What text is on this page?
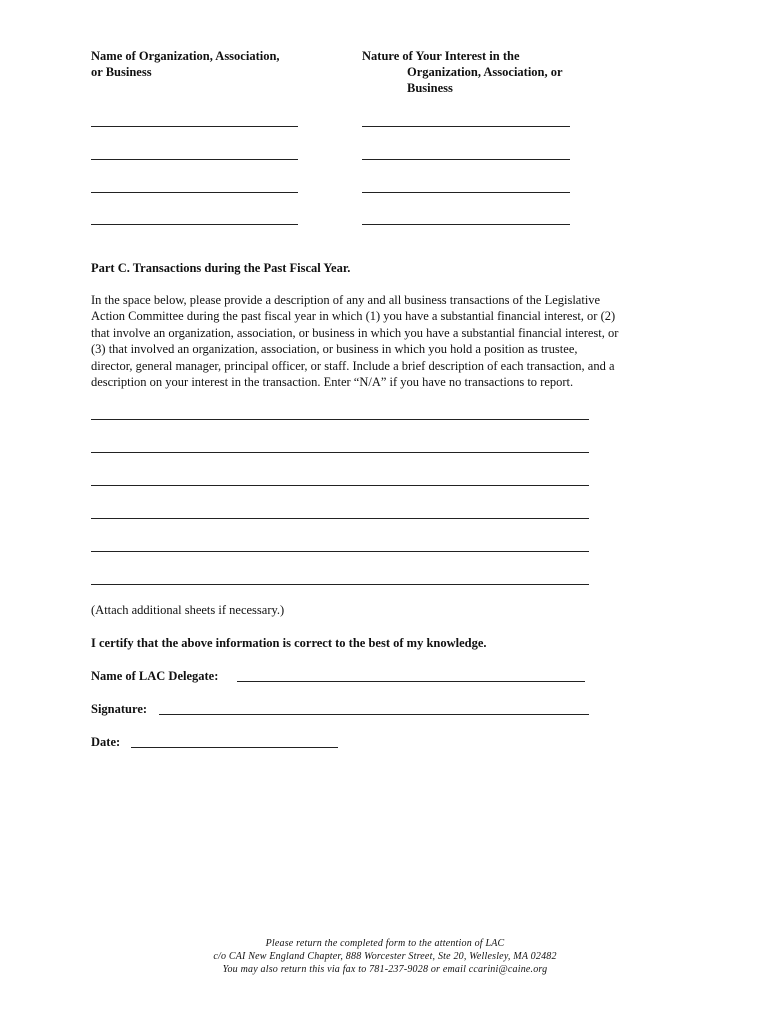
Name of Organization, Association,
or Business
Nature of Your Interest in the
Organization, Association, or
Business
Part C. Transactions during the Past Fiscal Year.
In the space below, please provide a description of any and all business transactions of the Legislative
Action Committee during the past fiscal year in which (1) you have a substantial financial interest, or (2)
that involve an organization, association, or business in which you have a substantial financial interest, or
(3) that involved an organization, association, or business in which you hold a position as trustee,
director, general manager, principal officer, or staff. Include a brief description of each transaction, and a
description on your interest in the transaction. Enter “N/A” if you have no transactions to report.
(Attach additional sheets if necessary.)
I certify that the above information is correct to the best of my knowledge.
Name of LAC Delegate:
Signature:
Date:
Please return the completed form to the attention of LAC
c/o CAI New England Chapter, 888 Worcester Street, Ste 20, Wellesley, MA 02482
You may also return this via fax to 781-237-9028 or email ccarini@caine.org
